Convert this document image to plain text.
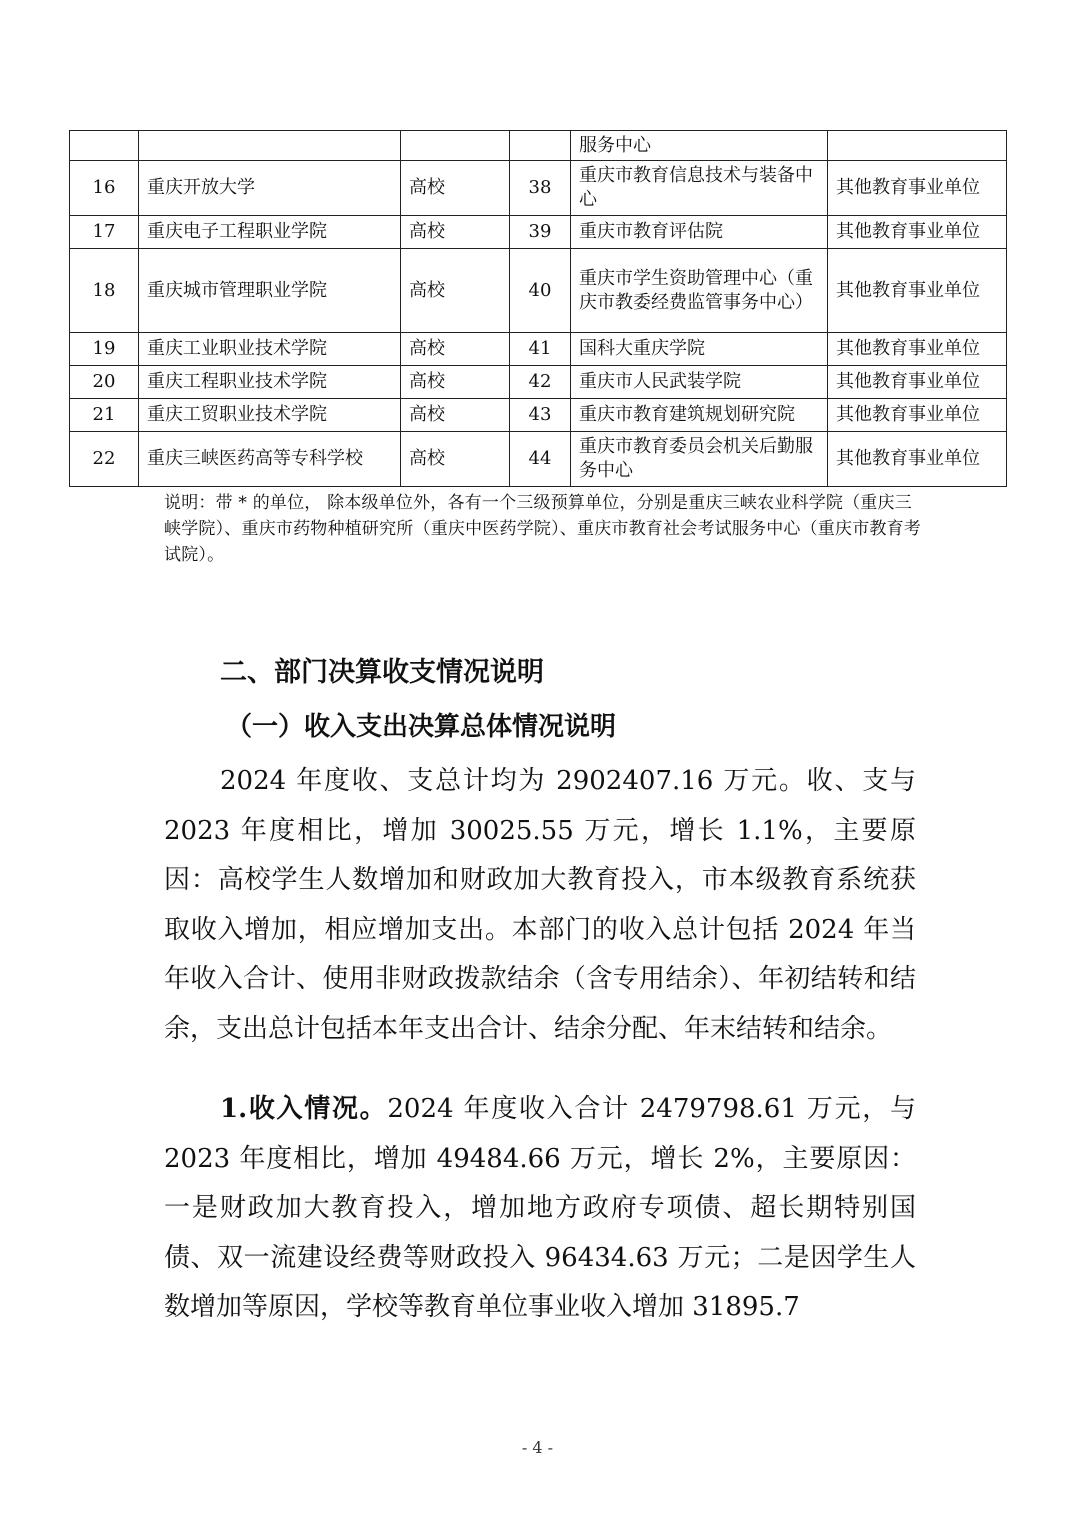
				服务中心	
16	重庆开放大学	高校	38	重庆市教育信息技术与装备中心	其他教育事业单位
17	重庆电子工程职业学院	高校	39	重庆市教育评估院	其他教育事业单位
18	重庆城市管理职业学院	高校	40	重庆市学生资助管理中心（重庆市教委经费监管事务中心）	其他教育事业单位
19	重庆工业职业技术学院	高校	41	国科大重庆学院	其他教育事业单位
20	重庆工程职业技术学院	高校	42	重庆市人民武装学院	其他教育事业单位
21	重庆工贸职业技术学院	高校	43	重庆市教育建筑规划研究院	其他教育事业单位
22	重庆三峡医药高等专科学校	高校	44	重庆市教育委员会机关后勤服务中心	其他教育事业单位
说明：带 * 的单位， 除本级单位外，各有一个三级预算单位，分别是重庆三峡农业科学院（重庆三峡学院）、重庆市药物种植研究所（重庆中医药学院）、重庆市教育社会考试服务中心（重庆市教育考试院）。
二、部门决算收支情况说明
（一）收入支出决算总体情况说明

2024 年度收、支总计均为 2902407.16 万元。收、支与 2023 年度相比，增加 30025.55 万元，增长 1.1%，主要原因：高校学生人数增加和财政加大教育投入，市本级教育系统获取收入增加，相应增加支出。本部门的收入总计包括 2024 年当年收入合计、使用非财政拨款结余（含专用结余）、年初结转和结余，支出总计包括本年支出合计、结余分配、年末结转和结余。

1.收入情况。2024 年度收入合计 2479798.61 万元，与 2023 年度相比，增加 49484.66 万元，增长 2%，主要原因：一是财政加大教育投入，增加地方政府专项债、超长期特别国债、双一流建设经费等财政投入 96434.63 万元；二是因学生人数增加等原因，学校等教育单位事业收入增加 31895.7

- 4 -
